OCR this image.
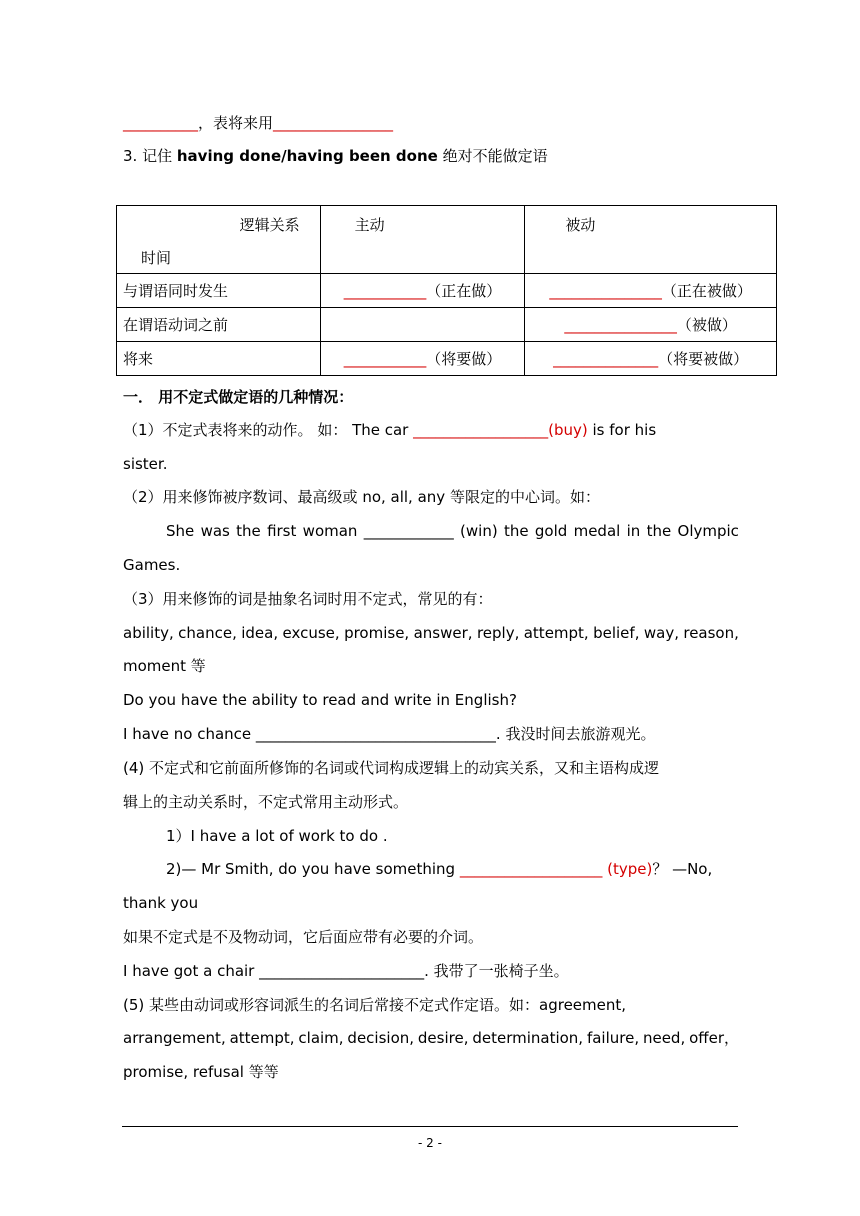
__________，表将来用________________
3. 记住 having done/having been done 绝对不能做定语
逻辑关系
时间	主动	被动

与谓语同时发生	___________（正在做）	_______________（正在被做）
在谓语动词之前		_______________（被做）
将来	___________（将要做）	______________（将要被做）
一． 用不定式做定语的几种情况：
（1）不定式表将来的动作。 如： The car __________________(buy) is for his
sister.
（2）用来修饰被序数词、最高级或 no, all, any 等限定的中心词。如：
She was the first woman ____________ (win) the gold medal in the Olympic
Games.
（3）用来修饰的词是抽象名词时用不定式，常见的有：
ability, chance, idea, excuse, promise, answer, reply, attempt, belief, way, reason,
moment 等
Do you have the ability to read and write in English?
I have no chance ________________________________. 我没时间去旅游观光。
(4) 不定式和它前面所修饰的名词或代词构成逻辑上的动宾关系，又和主语构成逻
辑上的主动关系时，不定式常用主动形式。
1）I have a lot of work to do .
2)— Mr Smith, do you have something ___________________ (type)？ —No,
thank you
如果不定式是不及物动词，它后面应带有必要的介词。
I have got a chair ______________________. 我带了一张椅子坐。
(5) 某些由动词或形容词派生的名词后常接不定式作定语。如：agreement,
arrangement, attempt, claim, decision, desire, determination, failure, need, offer，
promise, refusal 等等
- 2 -
